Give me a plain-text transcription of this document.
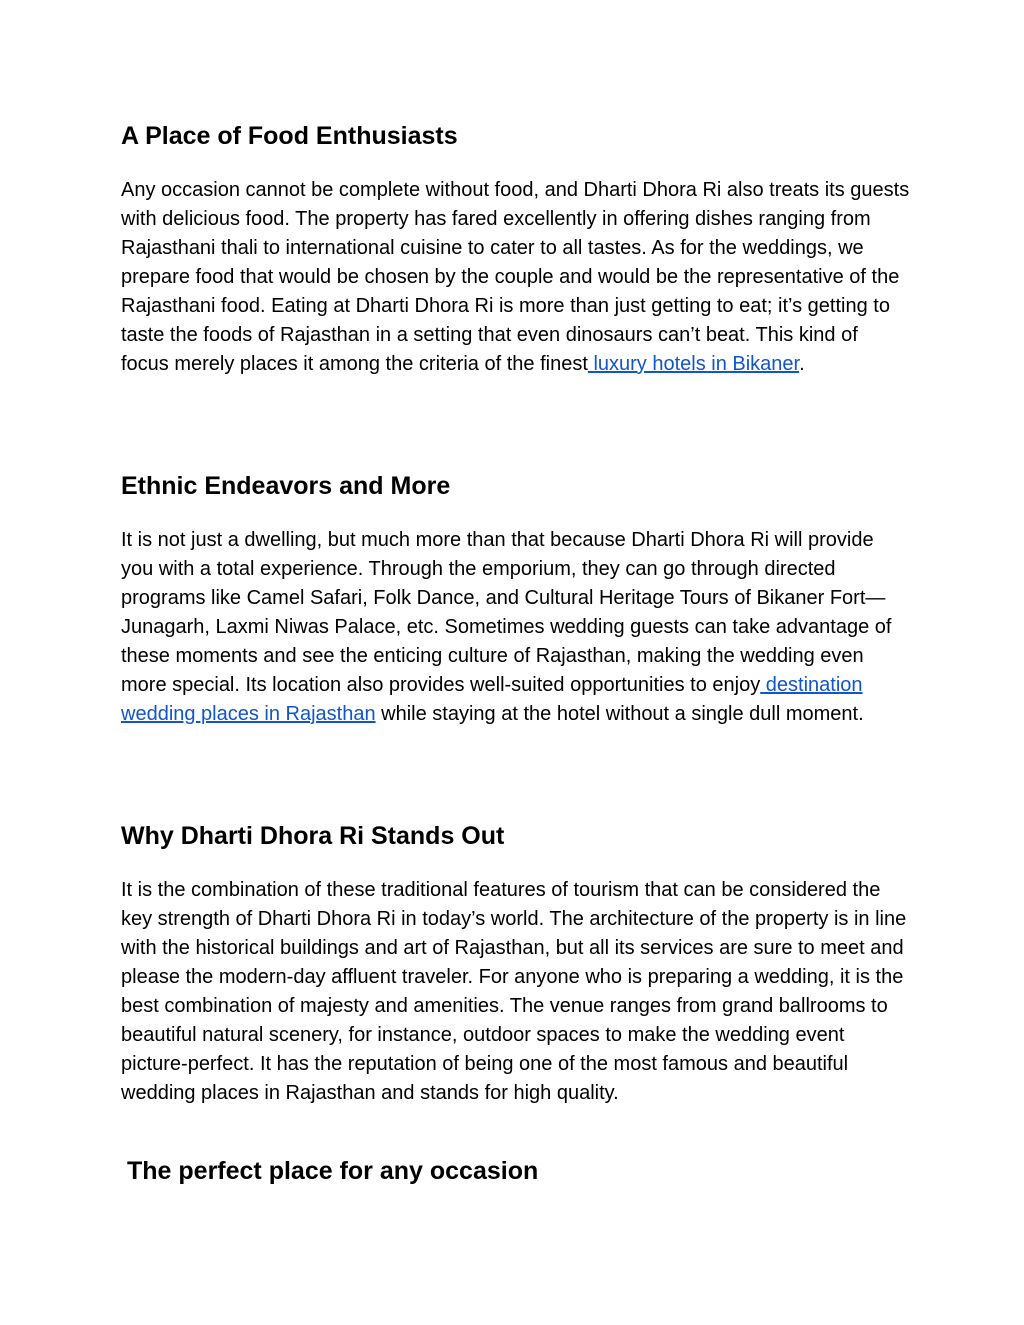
A Place of Food Enthusiasts

Any occasion cannot be complete without food, and Dharti Dhora Ri also treats its guests with delicious food. The property has fared excellently in offering dishes ranging from Rajasthani thali to international cuisine to cater to all tastes. As for the weddings, we prepare food that would be chosen by the couple and would be the representative of the Rajasthani food. Eating at Dharti Dhora Ri is more than just getting to eat; it’s getting to taste the foods of Rajasthan in a setting that even dinosaurs can’t beat. This kind of focus merely places it among the criteria of the finest luxury hotels in Bikaner.

Ethnic Endeavors and More

It is not just a dwelling, but much more than that because Dharti Dhora Ri will provide you with a total experience. Through the emporium, they can go through directed programs like Camel Safari, Folk Dance, and Cultural Heritage Tours of Bikaner Fort—Junagarh, Laxmi Niwas Palace, etc. Sometimes wedding guests can take advantage of these moments and see the enticing culture of Rajasthan, making the wedding even more special. Its location also provides well-suited opportunities to enjoy destination wedding places in Rajasthan while staying at the hotel without a single dull moment.

Why Dharti Dhora Ri Stands Out

It is the combination of these traditional features of tourism that can be considered the key strength of Dharti Dhora Ri in today’s world. The architecture of the property is in line with the historical buildings and art of Rajasthan, but all its services are sure to meet and please the modern-day affluent traveler. For anyone who is preparing a wedding, it is the best combination of majesty and amenities. The venue ranges from grand ballrooms to beautiful natural scenery, for instance, outdoor spaces to make the wedding event picture-perfect. It has the reputation of being one of the most famous and beautiful wedding places in Rajasthan and stands for high quality.

The perfect place for any occasion
